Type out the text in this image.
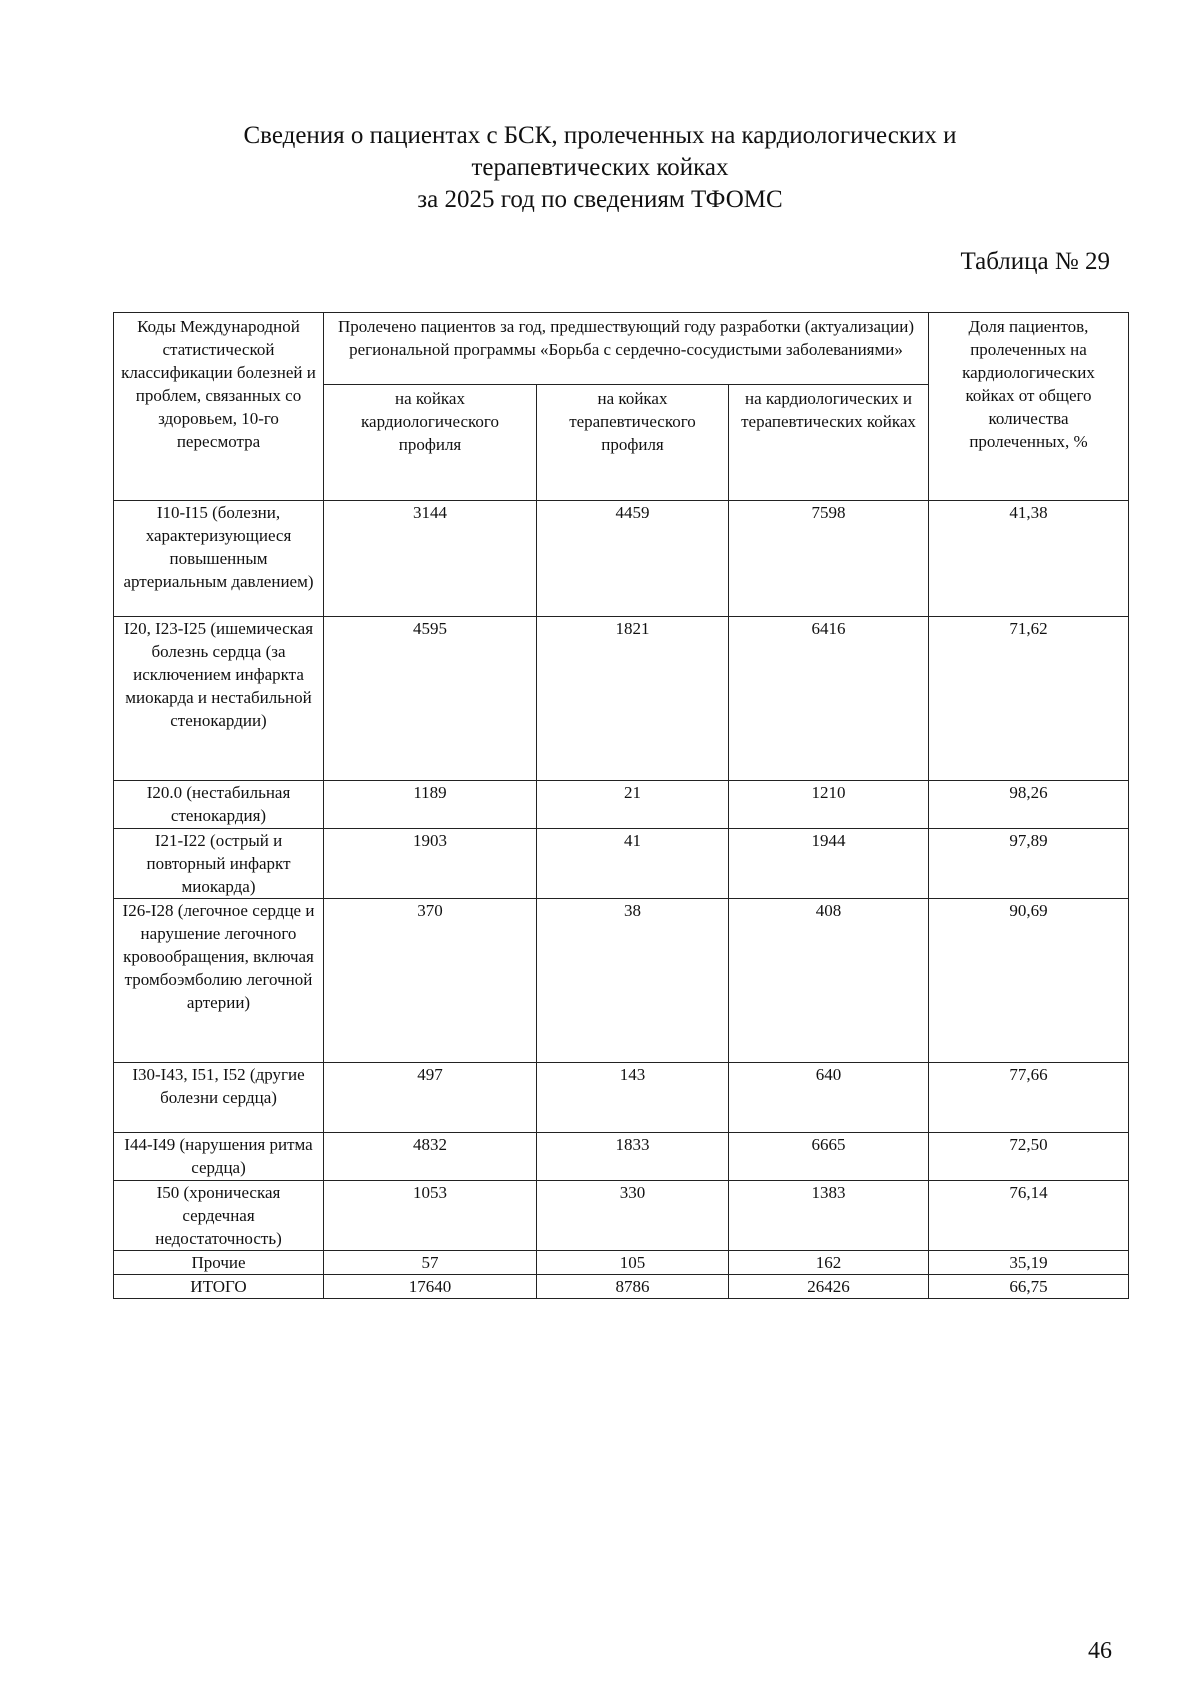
Сведения о пациентах с БСК, пролеченных на кардиологических и
терапевтических койках
за 2025 год по сведениям ТФОМС
Таблица № 29
Коды Международной статистической классификации болезней и проблем, связанных со здоровьем, 10-го пересмотра	Пролечено пациентов за год, предшествующий году разработки (актуализации) региональной программы «Борьба с сердечно-сосудистыми заболеваниями»			Доля пациентов, пролеченных на кардиологических койках от общего количества пролеченных, %
	на койках кардиологического профиля	на койках терапевтического профиля	на кардиологических и терапевтических койках	
I10-I15 (болезни, характеризующиеся повышенным артериальным давлением)	3144	4459	7598	41,38
I20, I23-I25 (ишемическая болезнь сердца (за исключением инфаркта миокарда и нестабильной стенокардии)	4595	1821	6416	71,62
I20.0 (нестабильная стенокардия)	1189	21	1210	98,26
I21-I22 (острый и повторный инфаркт миокарда)	1903	41	1944	97,89
I26-I28 (легочное сердце и нарушение легочного кровообращения, включая тромбоэмболию легочной артерии)	370	38	408	90,69
I30-I43, I51, I52 (другие болезни сердца)	497	143	640	77,66
I44-I49 (нарушения ритма сердца)	4832	1833	6665	72,50
I50 (хроническая сердечная недостаточность)	1053	330	1383	76,14
Прочие	57	105	162	35,19
ИТОГО	17640	8786	26426	66,75
46
